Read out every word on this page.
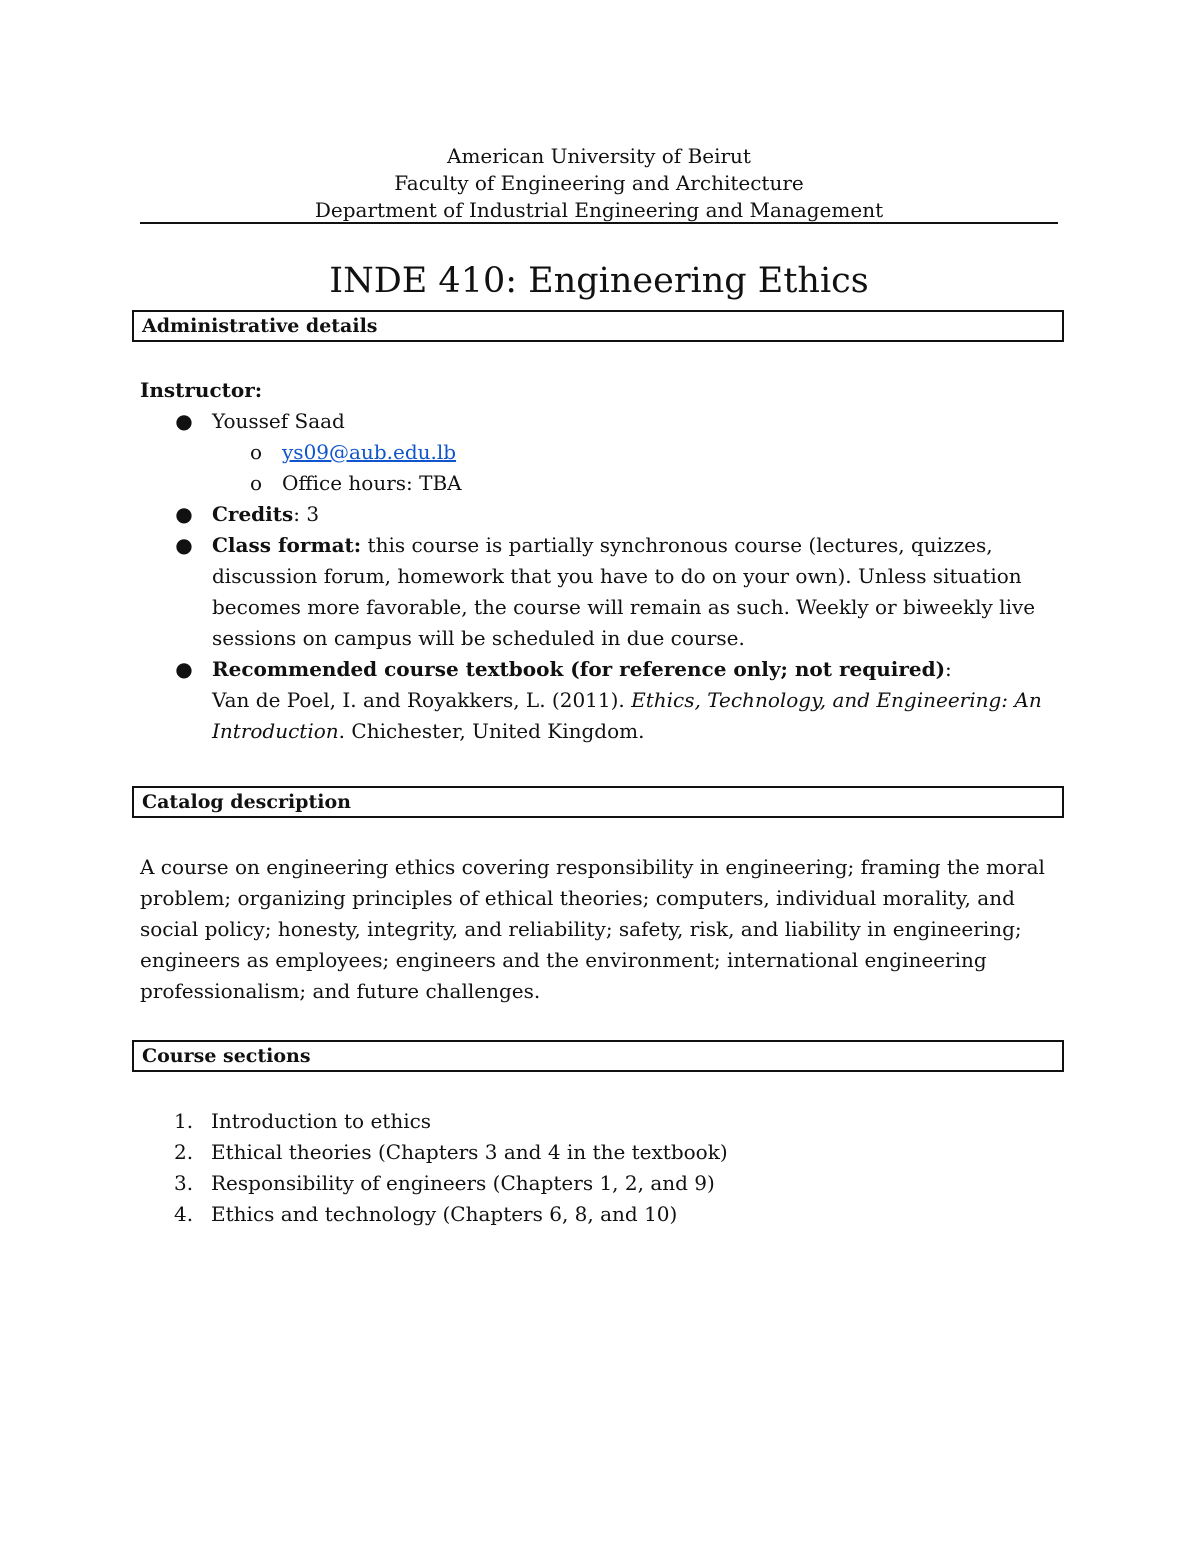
American University of Beirut
Faculty of Engineering and Architecture
Department of Industrial Engineering and Management
INDE 410: Engineering Ethics
Administrative details
Instructor:
● Youssef Saad
o ys09@aub.edu.lb
o Office hours: TBA
● Credits: 3
● Class format: this course is partially synchronous course (lectures, quizzes, discussion forum, homework that you have to do on your own). Unless situation becomes more favorable, the course will remain as such. Weekly or biweekly live sessions on campus will be scheduled in due course.
● Recommended course textbook (for reference only; not required):
Van de Poel, I. and Royakkers, L. (2011). Ethics, Technology, and Engineering: An Introduction. Chichester, United Kingdom.
Catalog description
A course on engineering ethics covering responsibility in engineering; framing the moral problem; organizing principles of ethical theories; computers, individual morality, and social policy; honesty, integrity, and reliability; safety, risk, and liability in engineering; engineers as employees; engineers and the environment; international engineering professionalism; and future challenges.
Course sections
1. Introduction to ethics
2. Ethical theories (Chapters 3 and 4 in the textbook)
3. Responsibility of engineers (Chapters 1, 2, and 9)
4. Ethics and technology (Chapters 6, 8, and 10)
